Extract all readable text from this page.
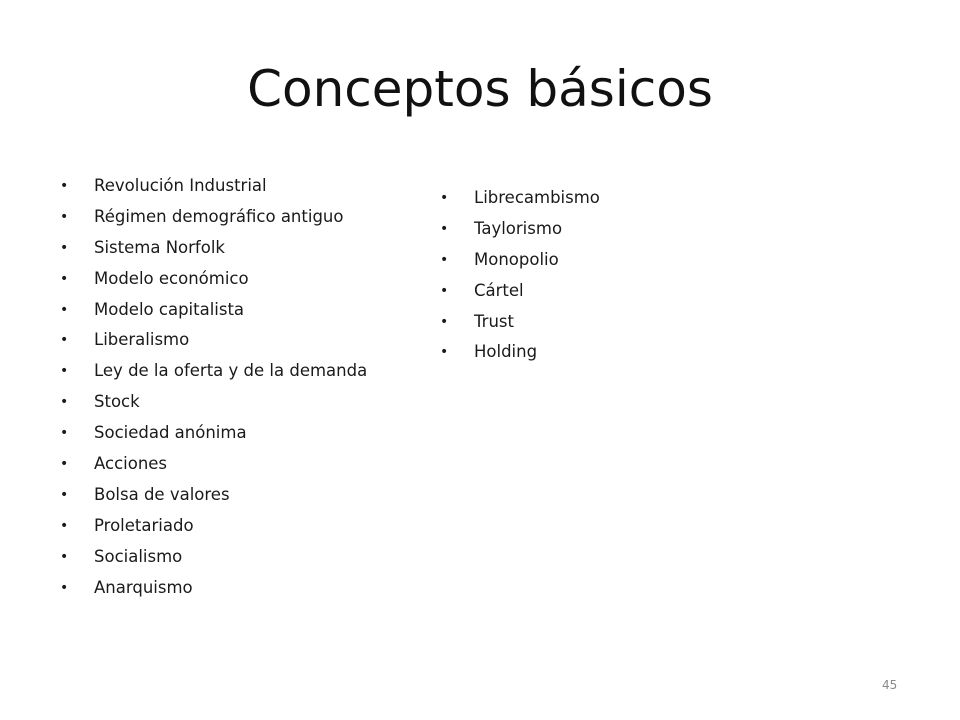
Conceptos básicos
• Revolución Industrial
• Régimen demográfico antiguo
• Sistema Norfolk
• Modelo económico
• Modelo capitalista
• Liberalismo
• Ley de la oferta y de la demanda
• Stock
• Sociedad anónima
• Acciones
• Bolsa de valores
• Proletariado
• Socialismo
• Anarquismo
• Librecambismo
• Taylorismo
• Monopolio
• Cártel
• Trust
• Holding
45
